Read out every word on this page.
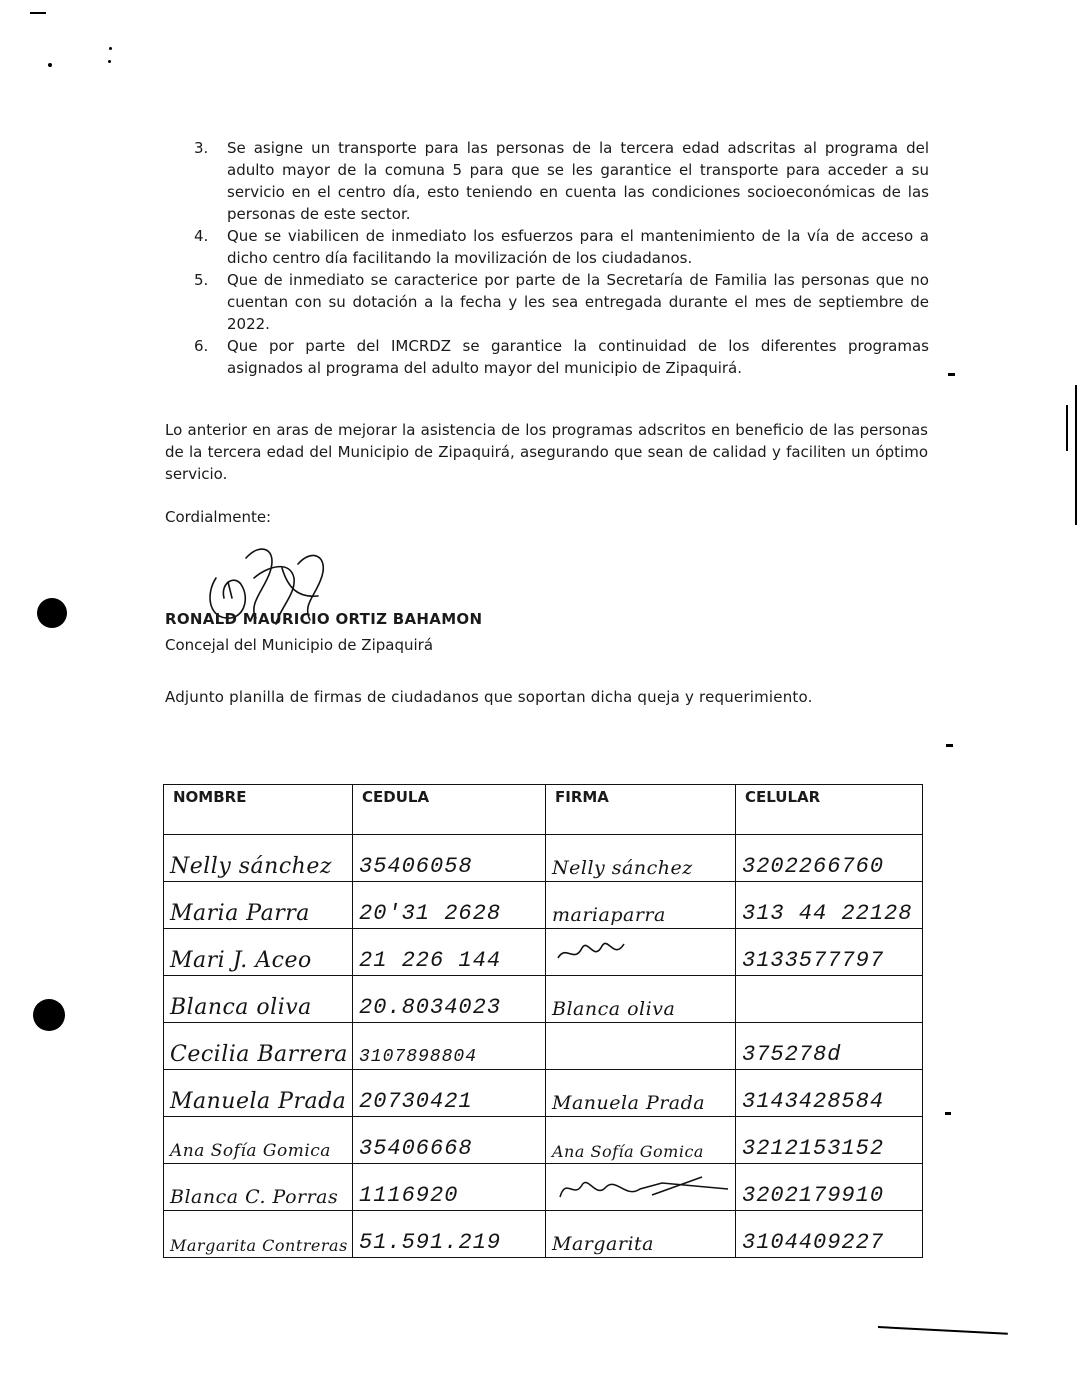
3. Se asigne un transporte para las personas de la tercera edad adscritas al programa del adulto mayor de la comuna 5 para que se les garantice el transporte para acceder a su servicio en el centro día, esto teniendo en cuenta las condiciones socioeconómicas de las personas de este sector.
4. Que se viabilicen de inmediato los esfuerzos para el mantenimiento de la vía de acceso a dicho centro día facilitando la movilización de los ciudadanos.
5. Que de inmediato se caracterice por parte de la Secretaría de Familia las personas que no cuentan con su dotación a la fecha y les sea entregada durante el mes de septiembre de 2022.
6. Que por parte del IMCRDZ se garantice la continuidad de los diferentes programas asignados al programa del adulto mayor del municipio de Zipaquirá.
Lo anterior en aras de mejorar la asistencia de los programas adscritos en beneficio de las personas de la tercera edad del Municipio de Zipaquirá, asegurando que sean de calidad y faciliten un óptimo servicio.
Cordialmente:
RONALD MAURICIO ORTIZ BAHAMON
Concejal del Municipio de Zipaquirá
Adjunto planilla de firmas de ciudadanos que soportan dicha queja y requerimiento.
NOMBRE	CEDULA	FIRMA	CELULAR
Nelly sánchez	35406058	Nelly sánchez	3202266760
Maria Parra	20'31 2628	mariaparra	313 44 22128
Mari J. Aceo	21 226 144		3133577797
Blanca oliva	20.8034023	Blanca oliva	
Cecilia Barrera	3107898804		375278d
Manuela Prada	20730421	Manuela Prada	3143428584
Ana Sofía Gomica	35406668	Ana Sofía Gomica	3212153152
Blanca C. Porras	1116920		3202179910
Margarita Contreras	51.591.219	Margarita	3104409227
